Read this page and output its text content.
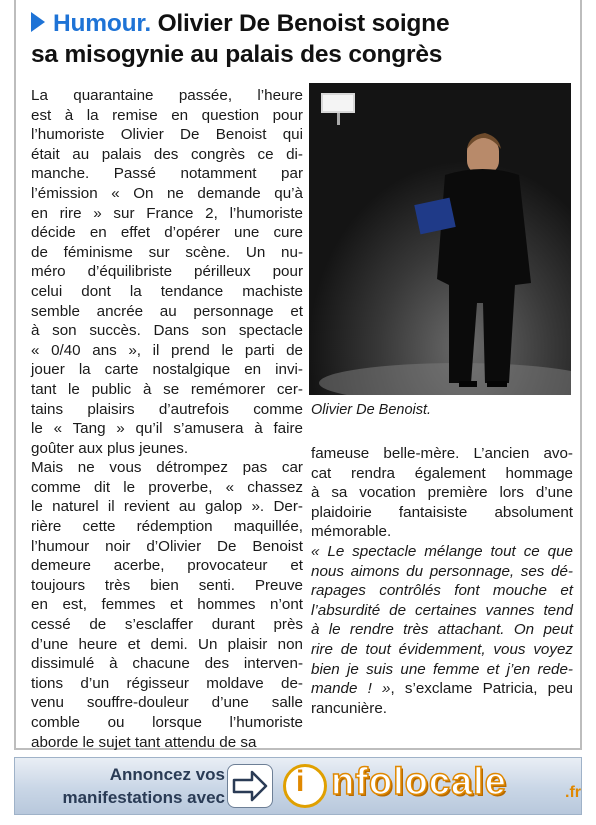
Humour. Olivier De Benoist soigne
sa misogynie au palais des congrès
La quarantaine passée, l’heure
est à la remise en question pour
l’humoriste Olivier De Benoist qui
était au palais des congrès ce di-
manche. Passé notamment par
l’émission « On ne demande qu’à
en rire » sur France 2, l’humoriste
décide en effet d’opérer une cure
de féminisme sur scène. Un nu-
méro d’équilibriste périlleux pour
celui dont la tendance machiste
semble ancrée au personnage et
à son succès. Dans son spectacle
« 0/40 ans », il prend le parti de
jouer la carte nostalgique en invi-
tant le public à se remémorer cer-
tains plaisirs d’autrefois comme
le « Tang » qu’il s’amusera à faire
goûter aux plus jeunes.
Mais ne vous détrompez pas car
comme dit le proverbe, « chassez
le naturel il revient au galop ». Der-
rière cette rédemption maquillée,
l’humour noir d’Olivier De Benoist
demeure acerbe, provocateur et
toujours très bien senti. Preuve
en est, femmes et hommes n’ont
cessé de s’esclaffer durant près
d’une heure et demi. Un plaisir non
dissimulé à chacune des interven-
tions d’un régisseur moldave de-
venu souffre-douleur d’une salle
comble ou lorsque l’humoriste
aborde le sujet tant attendu de sa
Olivier De Benoist.
fameuse belle-mère. L’ancien avo-
cat rendra également hommage
à sa vocation première lors d’une
plaidoirie fantaisiste absolument
mémorable.
« Le spectacle mélange tout ce que
nous aimons du personnage, ses dé-
rapages contrôlés font mouche et
l’absurdité de certaines vannes tend
à le rendre très attachant. On peut
rire de tout évidemment, vous voyez
bien je suis une femme et j’en rede-
mande ! », s’exclame Patricia, peu
rancunière.
Annoncez vos
manifestations avec i nfolocale	.fr
